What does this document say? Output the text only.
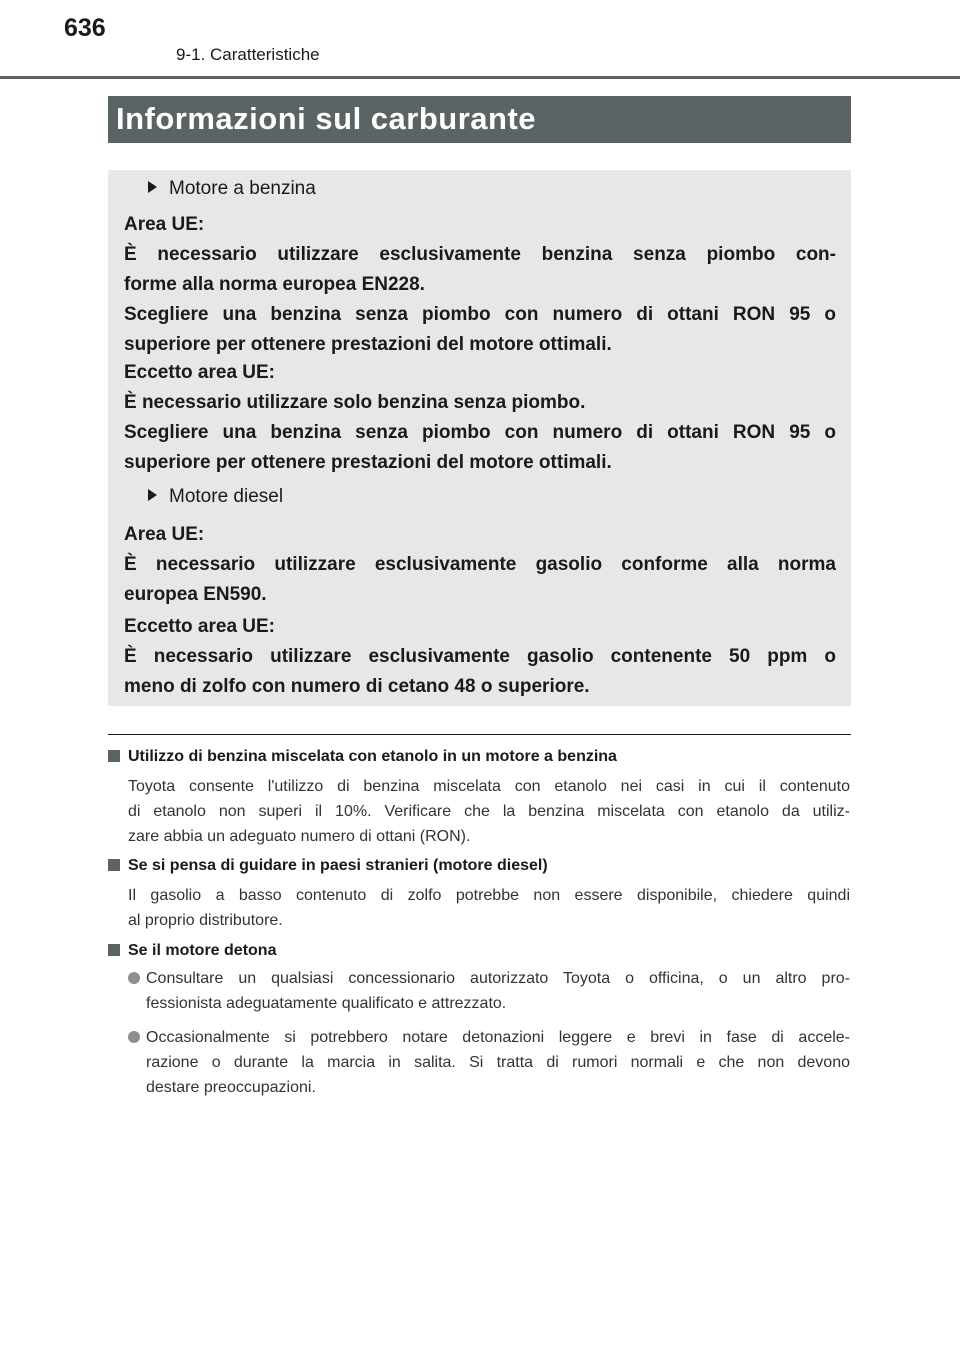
636
9-1. Caratteristiche
Informazioni sul carburante
Motore a benzina
Area UE:
È necessario utilizzare esclusivamente benzina senza piombo con-
forme alla norma europea EN228.
Scegliere una benzina senza piombo con numero di ottani RON 95 o
superiore per ottenere prestazioni del motore ottimali.
Eccetto area UE:
È necessario utilizzare solo benzina senza piombo.
Scegliere una benzina senza piombo con numero di ottani RON 95 o
superiore per ottenere prestazioni del motore ottimali.
Motore diesel
Area UE:
È necessario utilizzare esclusivamente gasolio conforme alla norma
europea EN590.
Eccetto area UE:
È necessario utilizzare esclusivamente gasolio contenente 50 ppm o
meno di zolfo con numero di cetano 48 o superiore.
Utilizzo di benzina miscelata con etanolo in un motore a benzina
Toyota consente l'utilizzo di benzina miscelata con etanolo nei casi in cui il contenuto
di etanolo non superi il 10%. Verificare che la benzina miscelata con etanolo da utiliz-
zare abbia un adeguato numero di ottani (RON).
Se si pensa di guidare in paesi stranieri (motore diesel)
Il gasolio a basso contenuto di zolfo potrebbe non essere disponibile, chiedere quindi
al proprio distributore.
Se il motore detona
Consultare un qualsiasi concessionario autorizzato Toyota o officina, o un altro pro-
fessionista adeguatamente qualificato e attrezzato.
Occasionalmente si potrebbero notare detonazioni leggere e brevi in fase di accele-
razione o durante la marcia in salita. Si tratta di rumori normali e che non devono
destare preoccupazioni.
